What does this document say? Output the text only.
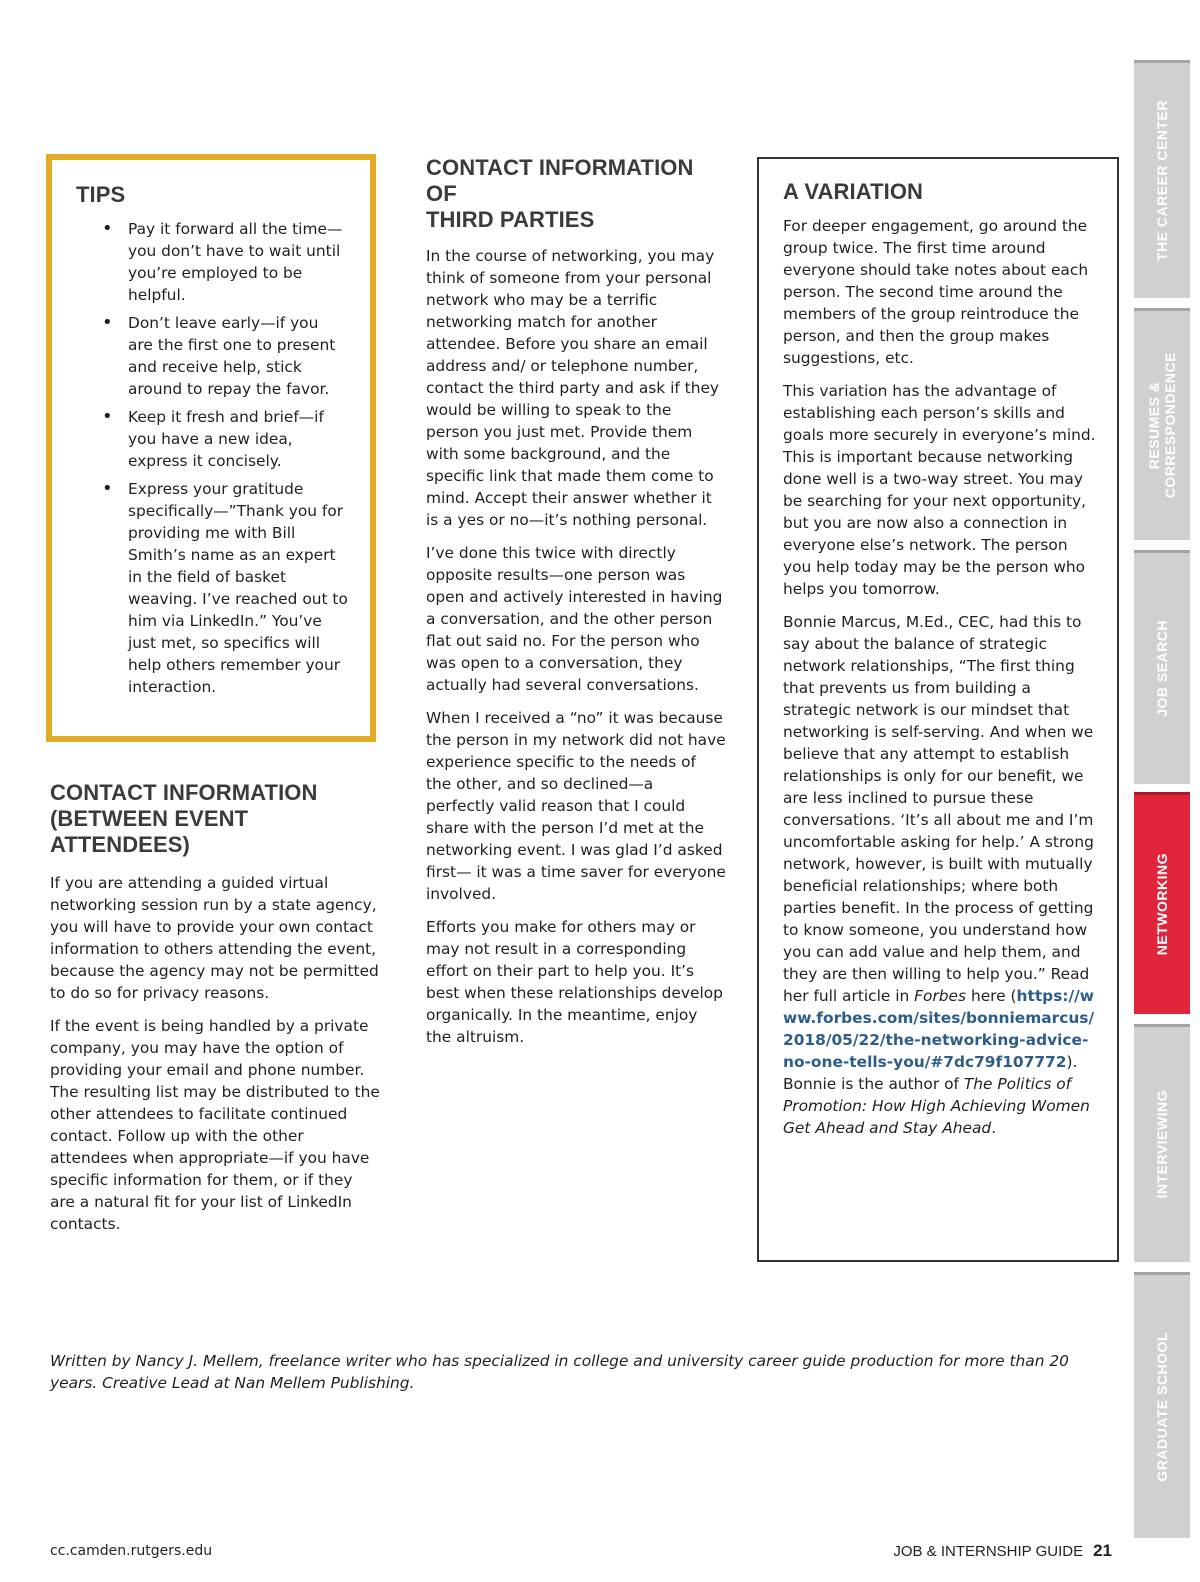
TIPS
• Pay it forward all the time—you don’t have to wait until you’re employed to be helpful.
• Don’t leave early—if you are the first one to present and receive help, stick around to repay the favor.
• Keep it fresh and brief—if you have a new idea, express it concisely.
• Express your gratitude specifically—”Thank you for providing me with Bill Smith’s name as an expert in the field of basket weaving. I’ve reached out to him via LinkedIn.” You’ve just met, so specifics will help others remember your interaction.
CONTACT INFORMATION
(BETWEEN EVENT ATTENDEES)

If you are attending a guided virtual networking session run by a state agency, you will have to provide your own contact information to others attending the event, because the agency may not be permitted to do so for privacy reasons.

If the event is being handled by a private company, you may have the option of providing your email and phone number. The resulting list may be distributed to the other attendees to facilitate continued contact. Follow up with the other attendees when appropriate—if you have specific information for them, or if they are a natural fit for your list of LinkedIn contacts.

CONTACT INFORMATION OF
THIRD PARTIES

In the course of networking, you may think of someone from your personal network who may be a terrific networking match for another attendee. Before you share an email address and/ or telephone number, contact the third party and ask if they would be willing to speak to the person you just met. Provide them with some background, and the specific link that made them come to mind. Accept their answer whether it is a yes or no—it’s nothing personal.

I’ve done this twice with directly opposite results—one person was open and actively interested in having a conversation, and the other person flat out said no. For the person who was open to a conversation, they actually had several conversations.

When I received a “no” it was because the person in my network did not have experience specific to the needs of the other, and so declined—a perfectly valid reason that I could share with the person I’d met at the networking event. I was glad I’d asked first— it was a time saver for everyone involved.

Efforts you make for others may or may not result in a corresponding effort on their part to help you. It’s best when these relationships develop organically. In the meantime, enjoy the altruism.

A VARIATION

For deeper engagement, go around the group twice. The first time around everyone should take notes about each person. The second time around the members of the group reintroduce the person, and then the group makes suggestions, etc.

This variation has the advantage of establishing each person’s skills and goals more securely in everyone’s mind. This is important because networking done well is a two-way street. You may be searching for your next opportunity, but you are now also a connection in everyone else’s network. The person you help today may be the person who helps you tomorrow.

Bonnie Marcus, M.Ed., CEC, had this to say about the balance of strategic network relationships, “The first thing that prevents us from building a strategic network is our mindset that networking is self-serving. And when we believe that any attempt to establish relationships is only for our benefit, we are less inclined to pursue these conversations. ‘It’s all about me and I’m uncomfortable asking for help.’ A strong network, however, is built with mutually beneficial relationships; where both parties benefit. In the process of getting to know someone, you understand how you can add value and help them, and they are then willing to help you.” Read her full article in Forbes here (https://www.forbes.com/sites/bonniemarcus/2018/05/22/the-networking-advice-no-one-tells-you/#7dc79f107772). Bonnie is the author of The Politics of Promotion: How High Achieving Women Get Ahead and Stay Ahead.

Written by Nancy J. Mellem, freelance writer who has specialized in college and university career guide production for more than 20 years. Creative Lead at Nan Mellem Publishing.
cc.camden.rutgers.edu	JOB & INTERNSHIP GUIDE 21
THE CAREER CENTER
RESUMES &
CORRESPONDENCE
JOB SEARCH
NETWORKING
INTERVIEWING
GRADUATE SCHOOL
